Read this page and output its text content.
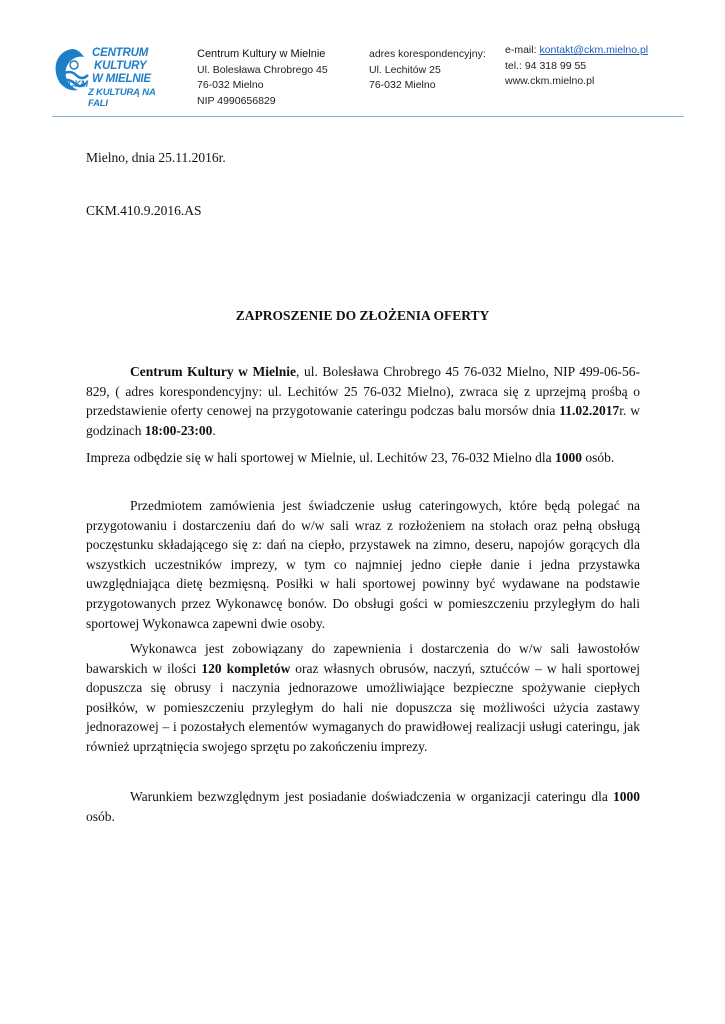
CENTRUM
KULTURY
W MIELNIE
CKM
Z KULTURĄ NA FALI
Centrum Kultury w Mielnie
Ul. Bolesława Chrobrego 45
76-032 Mielno
NIP 4990656829
adres korespondencyjny:
Ul. Lechitów 25
76-032 Mielno
e-mail: kontakt@ckm.mielno.pl
tel.: 94 318 99 55
www.ckm.mielno.pl
Mielno, dnia 25.11.2016r.
CKM.410.9.2016.AS
ZAPROSZENIE DO ZŁOŻENIA OFERTY
Centrum Kultury w Mielnie, ul. Bolesława Chrobrego 45 76-032 Mielno, NIP 499-06-56-829, ( adres korespondencyjny: ul. Lechitów 25 76-032 Mielno), zwraca się z uprzejmą prośbą o przedstawienie oferty cenowej na przygotowanie cateringu podczas balu morsów dnia 11.02.2017r. w godzinach 18:00-23:00.
Impreza odbędzie się w hali sportowej w Mielnie, ul. Lechitów 23, 76-032 Mielno dla 1000 osób.
Przedmiotem zamówienia jest świadczenie usług cateringowych, które będą polegać na przygotowaniu i dostarczeniu dań do w/w sali wraz z rozłożeniem na stołach oraz pełną obsługą poczęstunku składającego się z: dań na ciepło, przystawek na zimno, deseru, napojów gorących dla wszystkich uczestników imprezy, w tym co najmniej jedno ciepłe danie i jedna przystawka uwzględniająca dietę bezmięsną. Posiłki w hali sportowej powinny być wydawane na podstawie przygotowanych przez Wykonawcę bonów. Do obsługi gości w pomieszczeniu przyległym do hali sportowej Wykonawca zapewni dwie osoby.
Wykonawca jest zobowiązany do zapewnienia i dostarczenia do w/w sali ławostołów bawarskich w ilości 120 kompletów oraz własnych obrusów, naczyń, sztućców – w hali sportowej dopuszcza się obrusy i naczynia jednorazowe umożliwiające bezpieczne spożywanie ciepłych posiłków, w pomieszczeniu przyległym do hali nie dopuszcza się możliwości użycia zastawy jednorazowej – i pozostałych elementów wymaganych do prawidłowej realizacji usługi cateringu, jak również uprzątnięcia swojego sprzętu po zakończeniu imprezy.
Warunkiem bezwzględnym jest posiadanie doświadczenia w organizacji cateringu dla 1000 osób.
